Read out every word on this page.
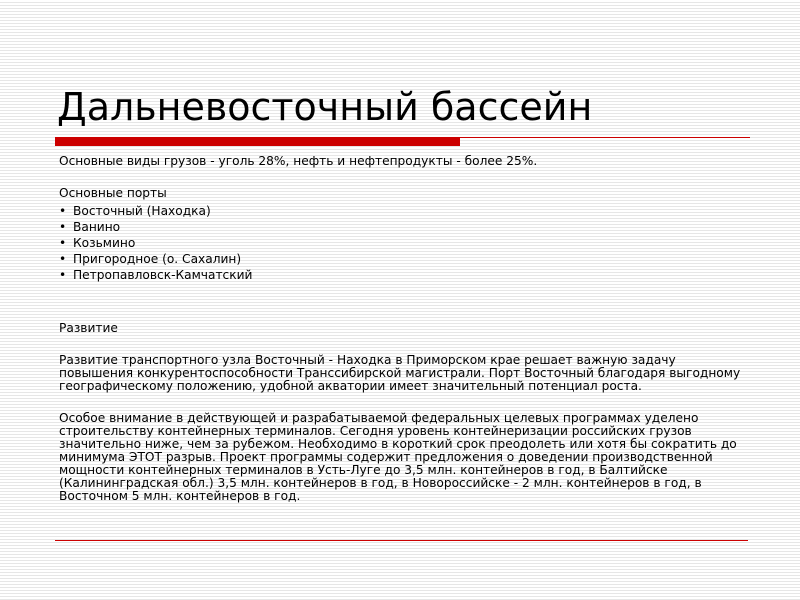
Дальневосточный бассейн

Основные виды грузов - уголь 28%, нефть и нефтепродукты - более 25%.

Основные порты

• Восточный (Находка)
• Ванино
• Козьмино
• Пригородное (о. Сахалин)
• Петропавловск-Камчатский

Развитие

Развитие транспортного узла Восточный - Находка в Приморском крае решает важную задачу повышения конкурентоспособности Транссибирской магистрали. Порт Восточный благодаря выгодному географическому положению, удобной акватории имеет значительный потенциал роста.

Особое внимание в действующей и разрабатываемой федеральных целевых программах уделено строительству контейнерных терминалов. Сегодня уровень контейнеризации российских грузов значительно ниже, чем за рубежом. Необходимо в короткий срок преодолеть или хотя бы сократить до минимума ЭТОТ разрыв. Проект программы содержит предложения о доведении производственной мощности контейнерных терминалов в Усть-Луге до 3,5 млн. контейнеров в год, в Балтийске (Калининградская обл.) 3,5 млн. контейнеров в год, в Новороссийске - 2 млн. контейнеров в год, в Восточном 5 млн. контейнеров в год.
